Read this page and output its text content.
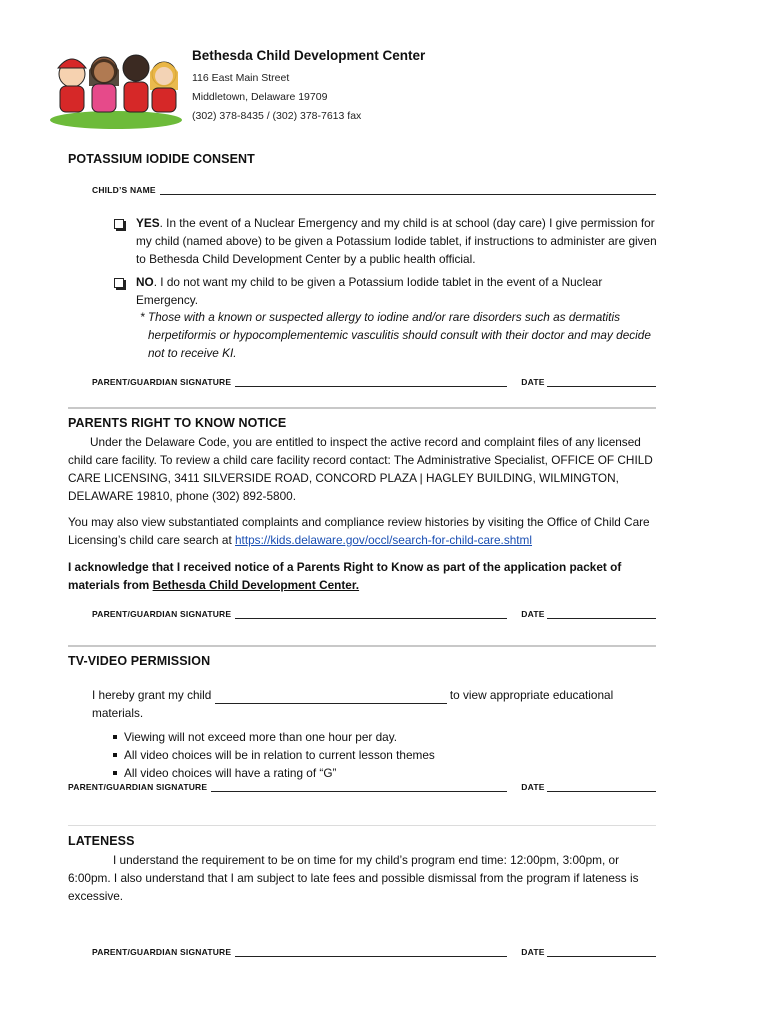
Bethesda Child Development Center
116 East Main Street
Middletown, Delaware 19709
(302) 378-8435 / (302) 378-7613 fax
POTASSIUM IODIDE CONSENT
CHILD’S NAME
YES. In the event of a Nuclear Emergency and my child is at school (day care) I give permission for my child (named above) to be given a Potassium Iodide tablet, if instructions to administer are given to Bethesda Child Development Center by a public health official.
NO. I do not want my child to be given a Potassium Iodide tablet in the event of a Nuclear Emergency.
* Those with a known or suspected allergy to iodine and/or rare disorders such as dermatitis herpetiformis or hypocomplementemic vasculitis should consult with their doctor and may decide not to receive KI.
PARENT/GUARDIAN SIGNATURE	DATE
PARENTS RIGHT TO KNOW NOTICE
Under the Delaware Code, you are entitled to inspect the active record and complaint files of any licensed child care facility. To review a child care facility record contact: The Administrative Specialist, OFFICE OF CHILD CARE LICENSING, 3411 SILVERSIDE ROAD, CONCORD PLAZA | HAGLEY BUILDING, WILMINGTON, DELAWARE 19810, phone (302) 892-5800.
You may also view substantiated complaints and compliance review histories by visiting the Office of Child Care Licensing’s child care search at https://kids.delaware.gov/occl/search-for-child-care.shtml
I acknowledge that I received notice of a Parents Right to Know as part of the application packet of materials from Bethesda Child Development Center.
PARENT/GUARDIAN SIGNATURE	DATE
TV-VIDEO PERMISSION
I hereby grant my child	to view appropriate educational
materials.
Viewing will not exceed more than one hour per day.
All video choices will be in relation to current lesson themes
All video choices will have a rating of “G”
PARENT/GUARDIAN SIGNATURE	DATE
LATENESS
I understand the requirement to be on time for my child’s program end time: 12:00pm, 3:00pm, or 6:00pm. I also understand that I am subject to late fees and possible dismissal from the program if lateness is excessive.
PARENT/GUARDIAN SIGNATURE	DATE
